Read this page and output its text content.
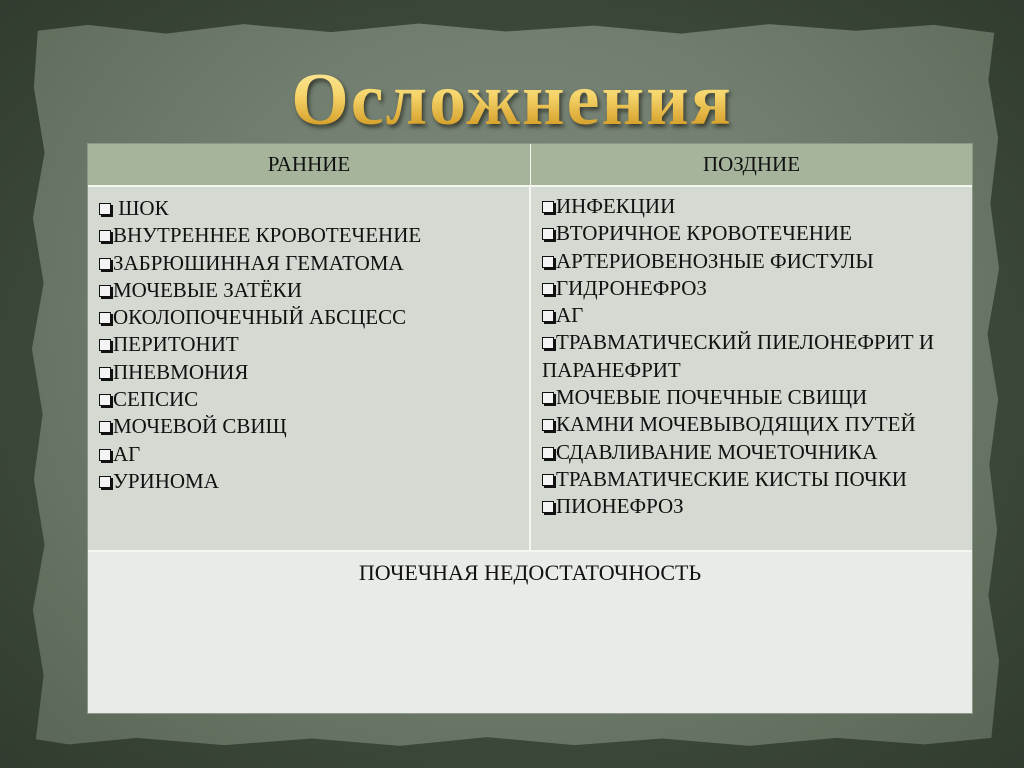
Осложнения
РАННИЕ	ПОЗДНИЕ
ШОК
ВНУТРЕННЕЕ КРОВОТЕЧЕНИЕ
ЗАБРЮШИННАЯ ГЕМАТОМА
МОЧЕВЫЕ ЗАТЁКИ
ОКОЛОПОЧЕЧНЫЙ АБСЦЕСС
ПЕРИТОНИТ
ПНЕВМОНИЯ
СЕПСИС
МОЧЕВОЙ СВИЩ
АГ
УРИНОМА
ИНФЕКЦИИ
ВТОРИЧНОЕ КРОВОТЕЧЕНИЕ
АРТЕРИОВЕНОЗНЫЕ ФИСТУЛЫ
ГИДРОНЕФРОЗ
АГ
ТРАВМАТИЧЕСКИЙ ПИЕЛОНЕФРИТ И ПАРАНЕФРИТ
МОЧЕВЫЕ ПОЧЕЧНЫЕ СВИЩИ
КАМНИ МОЧЕВЫВОДЯЩИХ ПУТЕЙ
СДАВЛИВАНИЕ МОЧЕТОЧНИКА
ТРАВМАТИЧЕСКИЕ КИСТЫ ПОЧКИ
ПИОНЕФРОЗ
ПОЧЕЧНАЯ НЕДОСТАТОЧНОСТЬ
